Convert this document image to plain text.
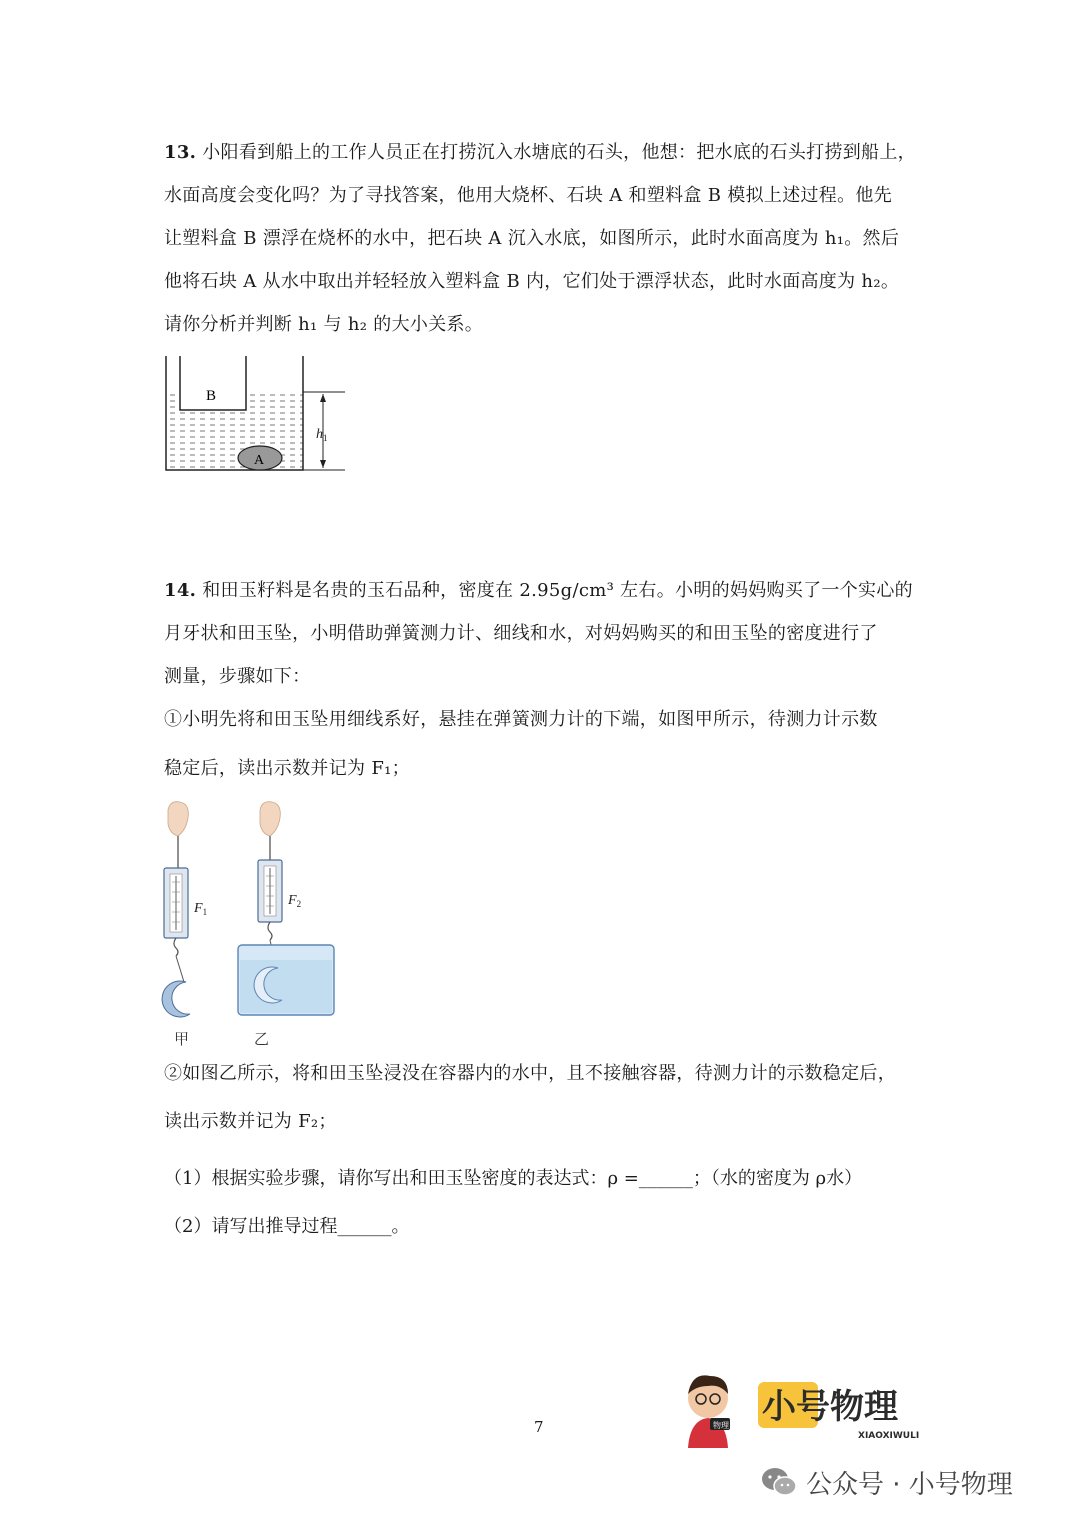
13. 小阳看到船上的工作人员正在打捞沉入水塘底的石头，他想：把水底的石头打捞到船上，
水面高度会变化吗？为了寻找答案，他用大烧杯、石块 A 和塑料盒 B 模拟上述过程。他先
让塑料盒 B 漂浮在烧杯的水中，把石块 A 沉入水底，如图所示，此时水面高度为 h₁。然后
他将石块 A 从水中取出并轻轻放入塑料盒 B 内，它们处于漂浮状态，此时水面高度为 h₂。
请你分析并判断 h₁ 与 h₂ 的大小关系。
B
A
$h_1$
14. 和田玉籽料是名贵的玉石品种，密度在 2.95g/cm³ 左右。小明的妈妈购买了一个实心的
月牙状和田玉坠，小明借助弹簧测力计、细线和水，对妈妈购买的和田玉坠的密度进行了
测量，步骤如下：
①小明先将和田玉坠用细线系好，悬挂在弹簧测力计的下端，如图甲所示，待测力计示数
稳定后，读出示数并记为 F₁；
$F_1$
甲
$F_2$
乙
②如图乙所示，将和田玉坠浸没在容器内的水中，且不接触容器，待测力计的示数稳定后，
读出示数并记为 F₂；
（1）根据实验步骤，请你写出和田玉坠密度的表达式：ρ =______；（水的密度为 ρ水）
（2）请写出推导过程______。
7	物理 小号物理
XIAOXIWULI
公众号 · 小号物理
